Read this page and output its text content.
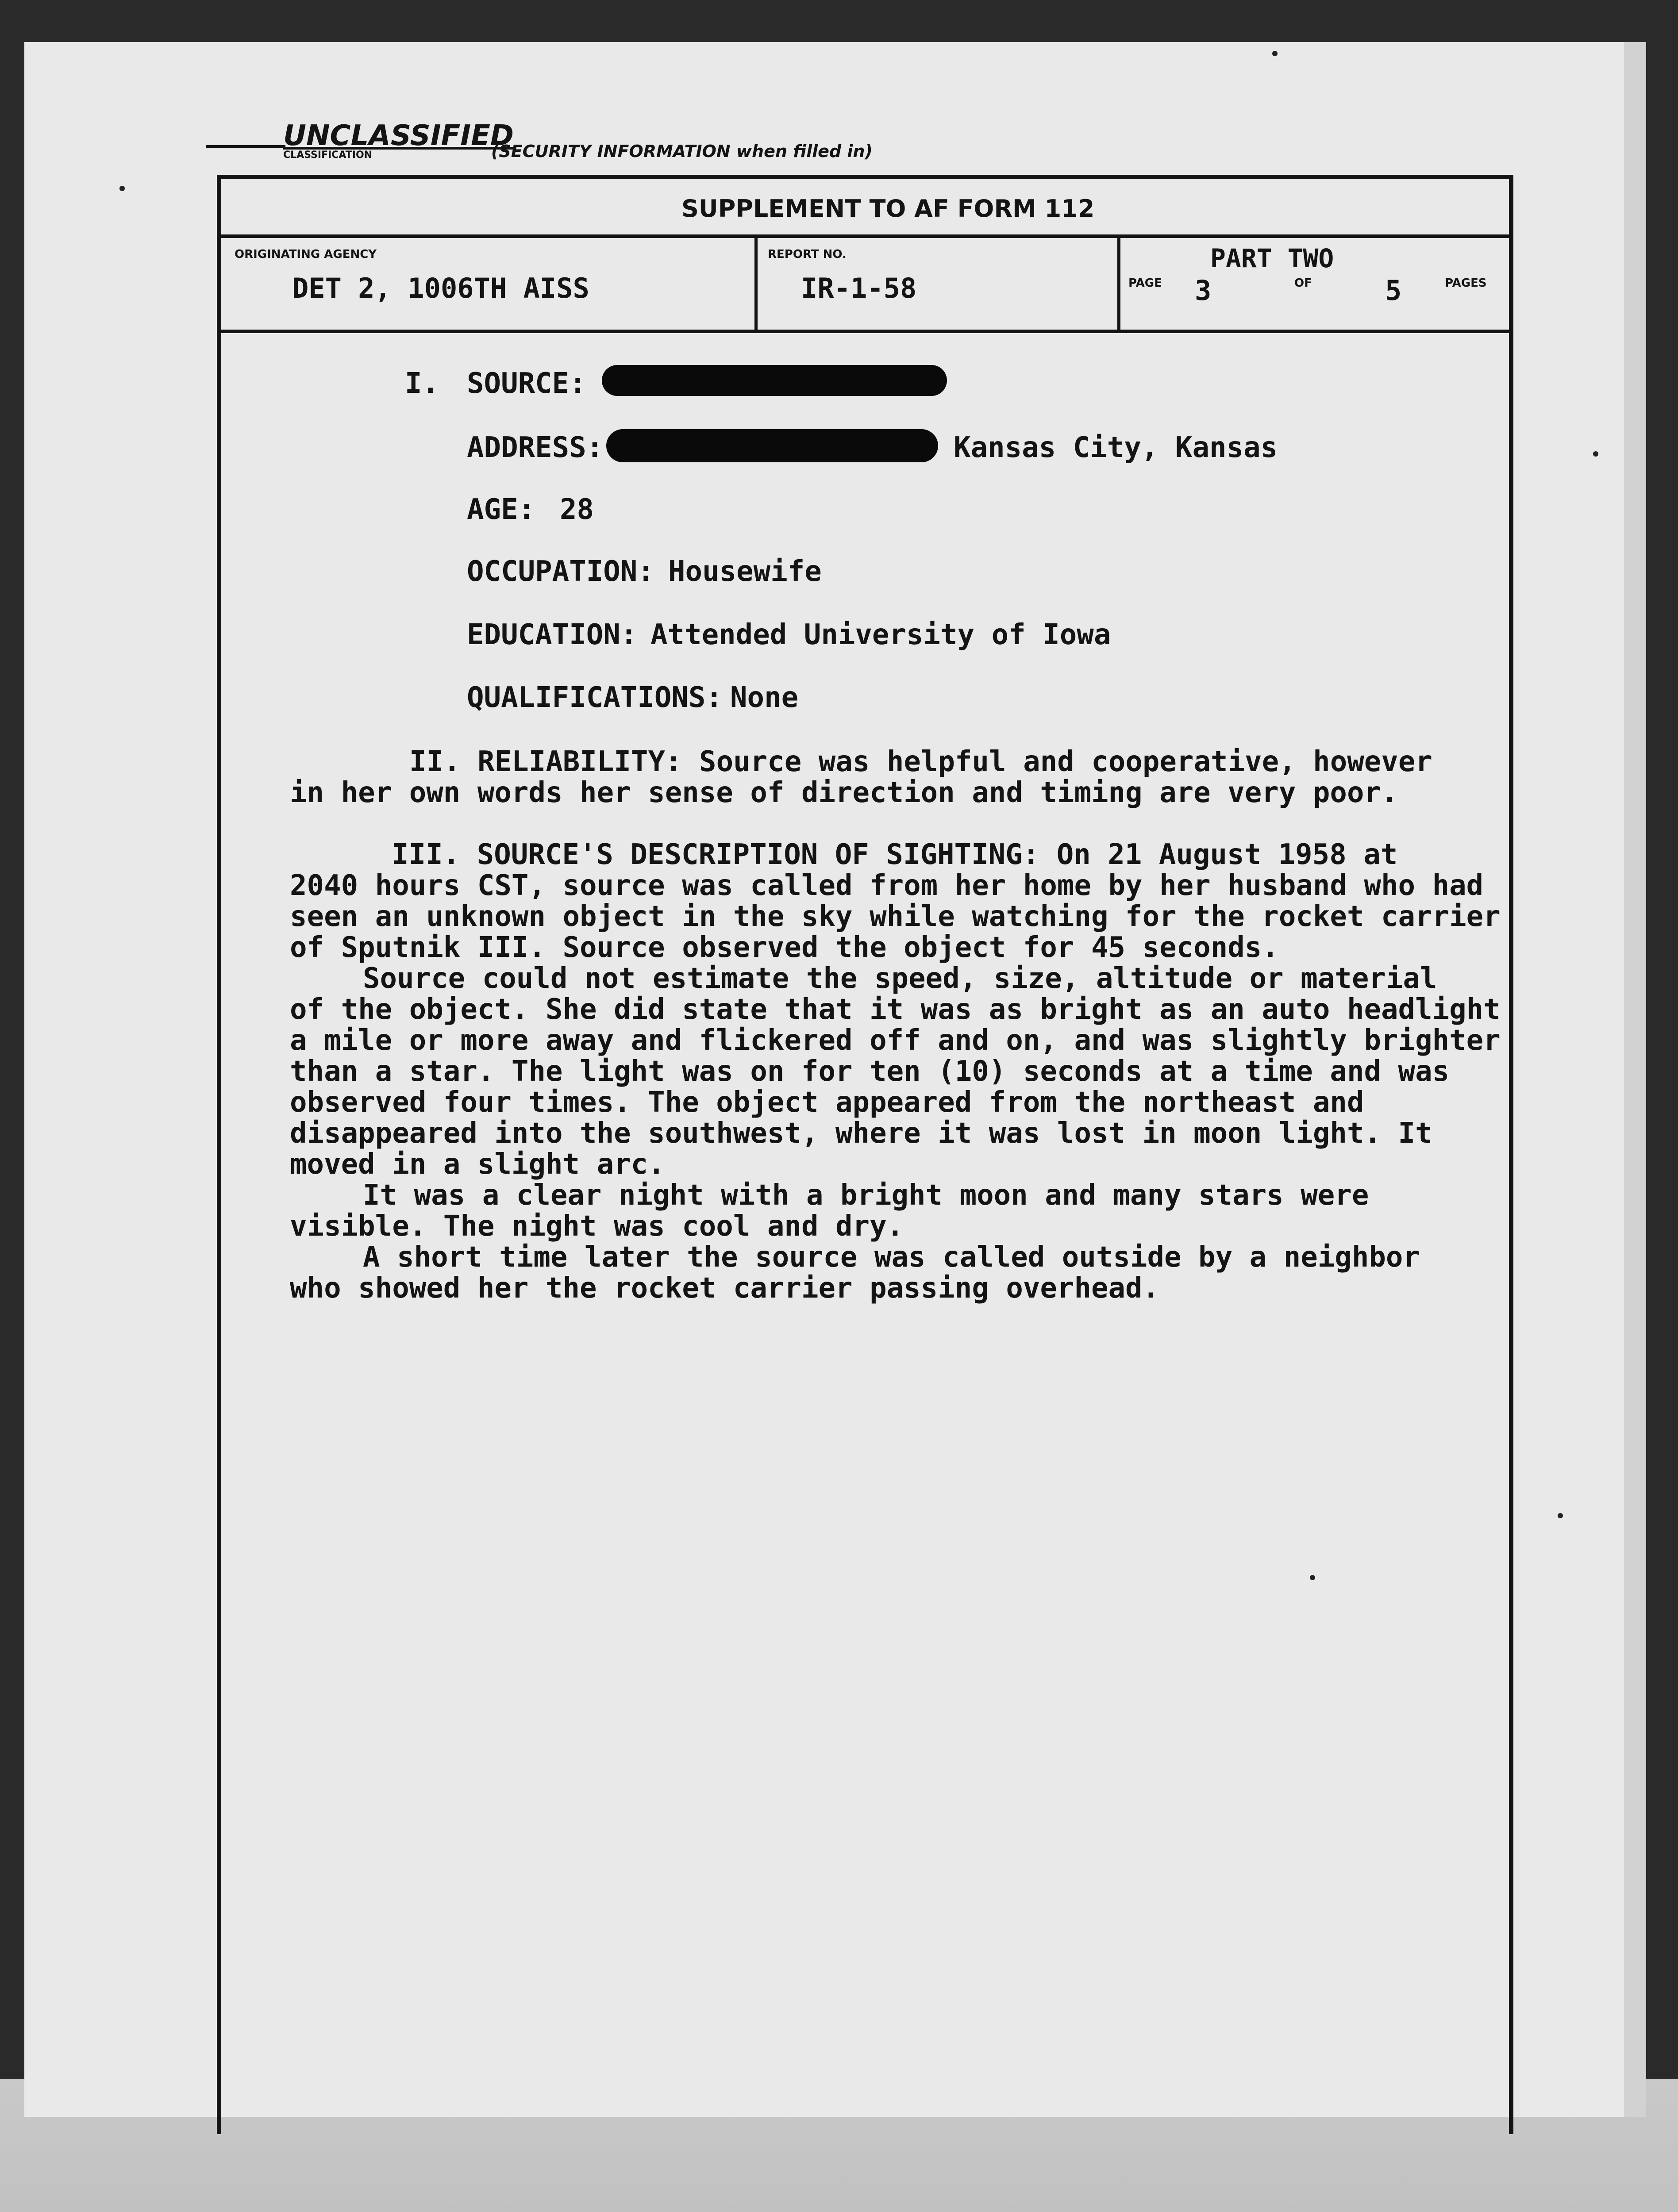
UNCLASSIFIED
CLASSIFICATION	(SECURITY INFORMATION when filled in)
SUPPLEMENT TO AF FORM 112
ORIGINATING AGENCY
DET 2, 1006TH AISS
REPORT NO.
IR-1-58
PART TWO
PAGE 3	OF	5	PAGES
I. SOURCE:
ADDRESS:	Kansas City, Kansas
AGE: 28
OCCUPATION: Housewife
EDUCATION: Attended University of Iowa
QUALIFICATIONS: None
II. RELIABILITY: Source was helpful and cooperative, however
in her own words her sense of direction and timing are very poor.
III. SOURCE'S DESCRIPTION OF SIGHTING: On 21 August 1958 at
2040 hours CST, source was called from her home by her husband who had
seen an unknown object in the sky while watching for the rocket carrier
of Sputnik III. Source observed the object for 45 seconds.
Source could not estimate the speed, size, altitude or material
of the object. She did state that it was as bright as an auto headlight
a mile or more away and flickered off and on, and was slightly brighter
than a star. The light was on for ten (10) seconds at a time and was
observed four times. The object appeared from the northeast and
disappeared into the southwest, where it was lost in moon light. It
moved in a slight arc.
It was a clear night with a bright moon and many stars were
visible. The night was cool and dry.
A short time later the source was called outside by a neighbor
who showed her the rocket carrier passing overhead.
